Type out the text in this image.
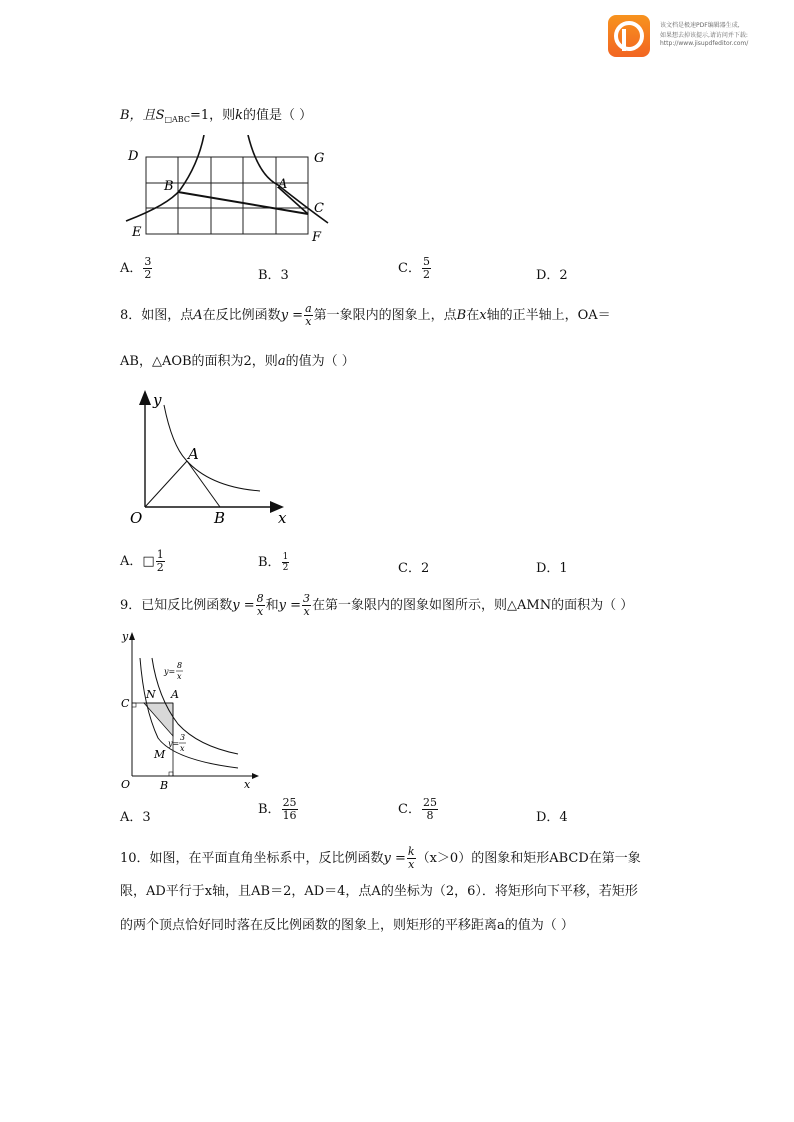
该文档是极速PDF编辑器生成,
如果想去掉该提示,请访问并下载:
http://www.jisupdfeditor.com/
B，且$S_{□ABC}=1$，则k的值是（ ）
D	G
B	A
C
E	F
A． $\frac{3}{2}$	B．3	C． $\frac{5}{2}$	D．2
8．如图，点A在反比例函数$y = \frac{a}{x}$ 第一象限内的图象上，点B在x轴的正半轴上，OA＝
AB，△AOB的面积为2，则a的值为（ ）
y
A
O	B	x
A．□ $\frac{1}{2}$	B． $\frac{1}{2}$	C．2	D．1
9．已知反比例函数$y = \frac{8}{x}$ 和$y = \frac{3}{x}$ 在第一象限内的图象如图所示，则△AMN的面积为（ ）
y
C
N A
M
O	B	x
y=
8
x
y=
3
x
A．3
B． $\frac{25}{16}$	C． $\frac{25}{8}$	D．4
10．如图，在平面直角坐标系中，反比例函数$y = \frac{k}{x} (x>0)$的图象和矩形ABCD在第一象
限，AD平行于x轴，且AB＝2，AD＝4，点A的坐标为（2，6）．将矩形向下平移，若矩形
的两个顶点恰好同时落在反比例函数的图象上，则矩形的平移距离a的值为（ ）
